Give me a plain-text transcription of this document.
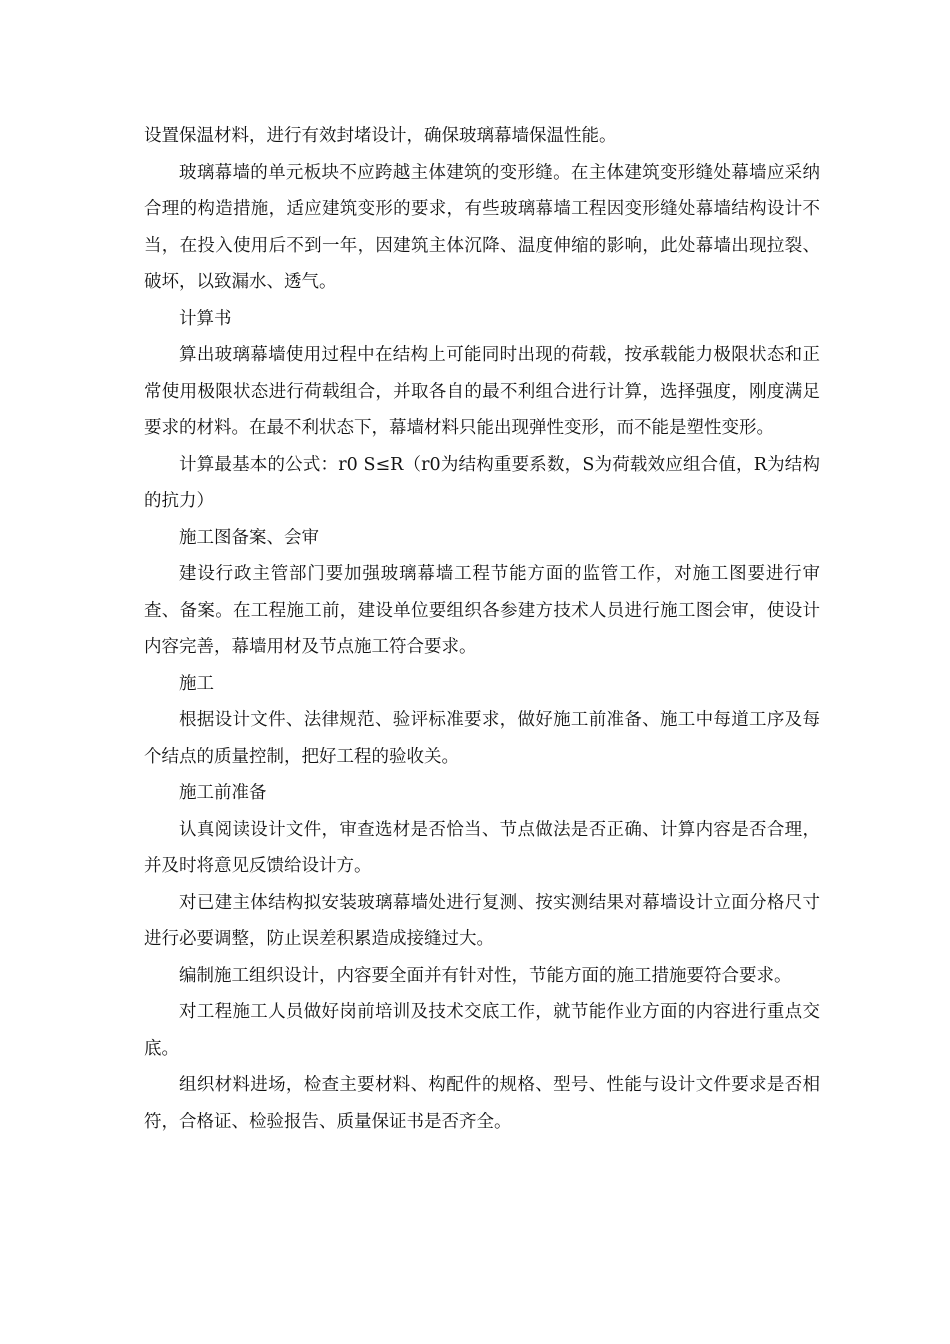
设置保温材料，进行有效封堵设计，确保玻璃幕墙保温性能。

玻璃幕墙的单元板块不应跨越主体建筑的变形缝。在主体建筑变形缝处幕墙应采纳合理的构造措施，适应建筑变形的要求，有些玻璃幕墙工程因变形缝处幕墙结构设计不当，在投入使用后不到一年，因建筑主体沉降、温度伸缩的影响，此处幕墙出现拉裂、破坏，以致漏水、透气。

计算书

算出玻璃幕墙使用过程中在结构上可能同时出现的荷载，按承载能力极限状态和正常使用极限状态进行荷载组合，并取各自的最不利组合进行计算，选择强度，刚度满足要求的材料。在最不利状态下，幕墙材料只能出现弹性变形，而不能是塑性变形。

计算最基本的公式：r0 S≤R（r0为结构重要系数，S为荷载效应组合值，R为结构的抗力）

施工图备案、会审

建设行政主管部门要加强玻璃幕墙工程节能方面的监管工作，对施工图要进行审查、备案。在工程施工前，建设单位要组织各参建方技术人员进行施工图会审，使设计内容完善，幕墙用材及节点施工符合要求。

施工

根据设计文件、法律规范、验评标准要求，做好施工前准备、施工中每道工序及每个结点的质量控制，把好工程的验收关。

施工前准备

认真阅读设计文件，审查选材是否恰当、节点做法是否正确、计算内容是否合理，并及时将意见反馈给设计方。

对已建主体结构拟安装玻璃幕墙处进行复测、按实测结果对幕墙设计立面分格尺寸进行必要调整，防止误差积累造成接缝过大。

编制施工组织设计，内容要全面并有针对性，节能方面的施工措施要符合要求。

对工程施工人员做好岗前培训及技术交底工作，就节能作业方面的内容进行重点交底。

组织材料进场，检查主要材料、构配件的规格、型号、性能与设计文件要求是否相符，合格证、检验报告、质量保证书是否齐全。
